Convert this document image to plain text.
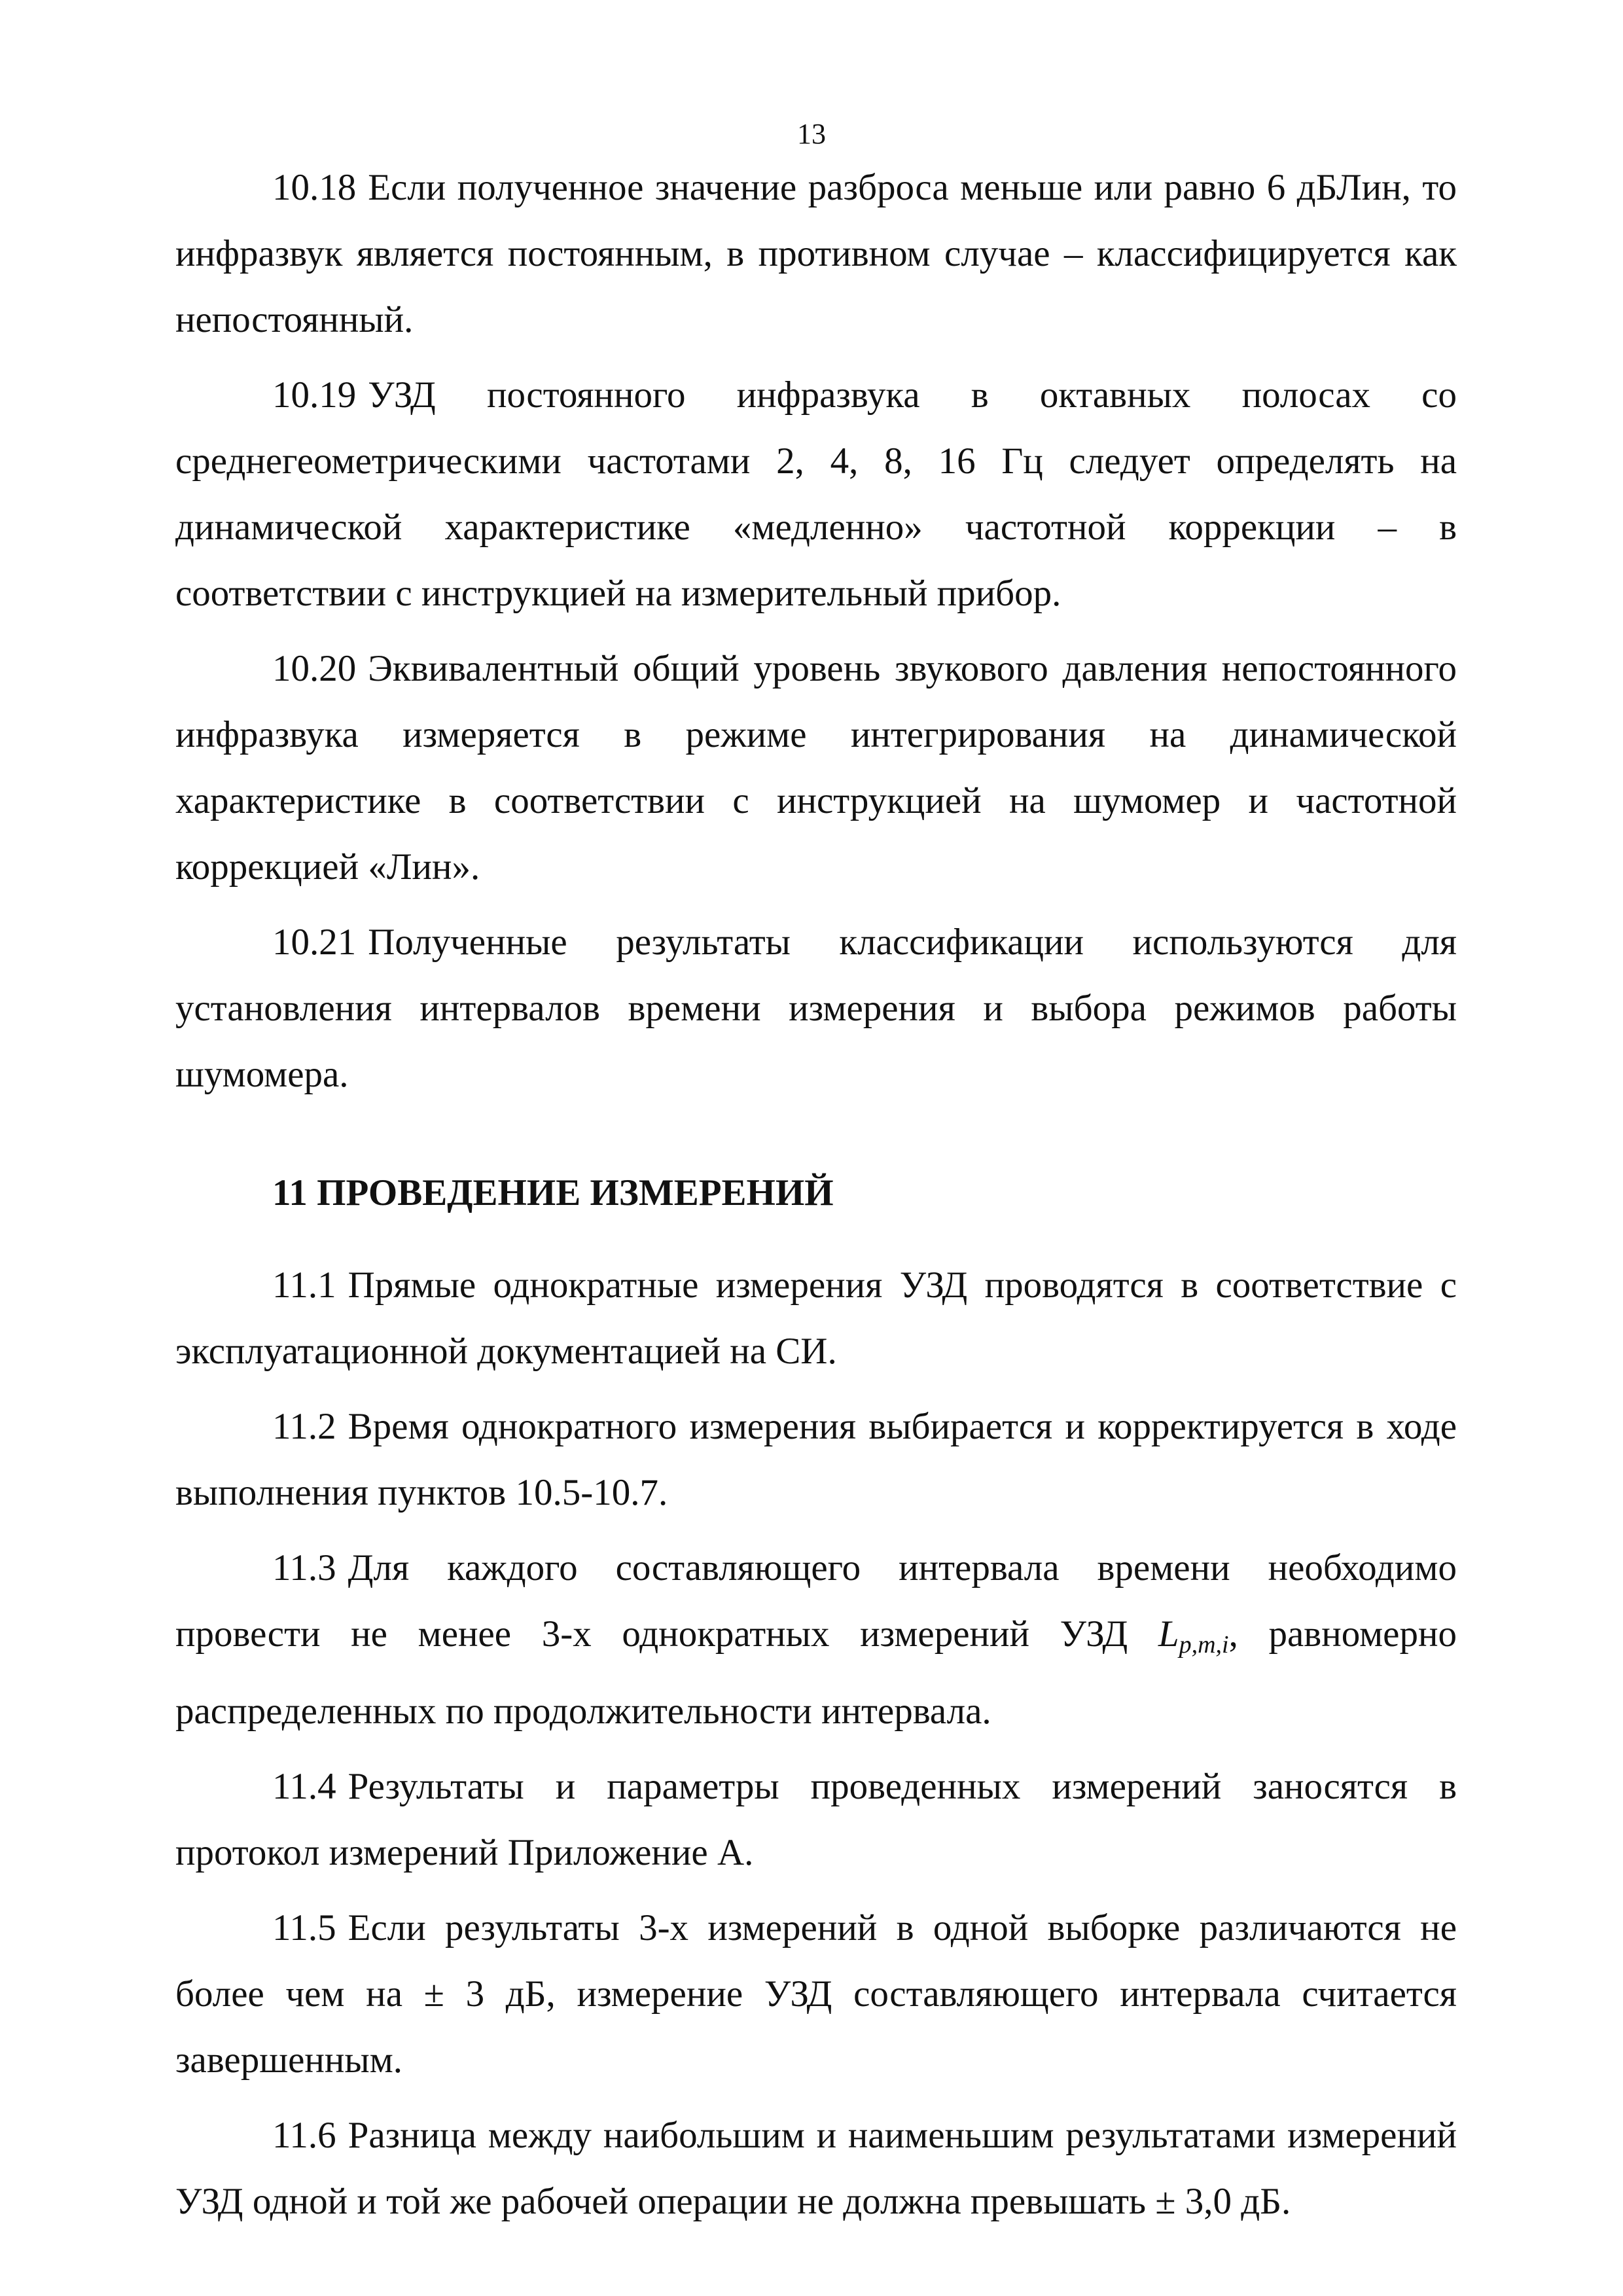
13

10.18 Если полученное значение разброса меньше или равно 6 дБЛин, то инфразвук является постоянным, в противном случае – классифицируется как непостоянный.

10.19 УЗД постоянного инфразвука в октавных полосах со среднегеометрическими частотами 2, 4, 8, 16 Гц следует определять на динамической характеристике «медленно» частотной коррекции – в соответствии с инструкцией на измерительный прибор.

10.20 Эквивалентный общий уровень звукового давления непостоянного инфразвука измеряется в режиме интегрирования на динамической характеристике в соответствии с инструкцией на шумомер и частотной коррекцией «Лин».

10.21 Полученные результаты классификации используются для установления интервалов времени измерения и выбора режимов работы шумомера.

11 ПРОВЕДЕНИЕ ИЗМЕРЕНИЙ

11.1 Прямые однократные измерения УЗД проводятся в соответствие с эксплуатационной документацией на СИ.

11.2 Время однократного измерения выбирается и корректируется в ходе выполнения пунктов 10.5-10.7.

11.3 Для каждого составляющего интервала времени необходимо провести не менее 3-х однократных измерений УЗД $L_{p,m,i}$, равномерно распределенных по продолжительности интервала.

11.4 Результаты и параметры проведенных измерений заносятся в протокол измерений Приложение А.

11.5 Если результаты 3-х измерений в одной выборке различаются не более чем на ± 3 дБ, измерение УЗД составляющего интервала считается завершенным.

11.6 Разница между наибольшим и наименьшим результатами измерений УЗД одной и той же рабочей операции не должна превышать ± 3,0 дБ.
